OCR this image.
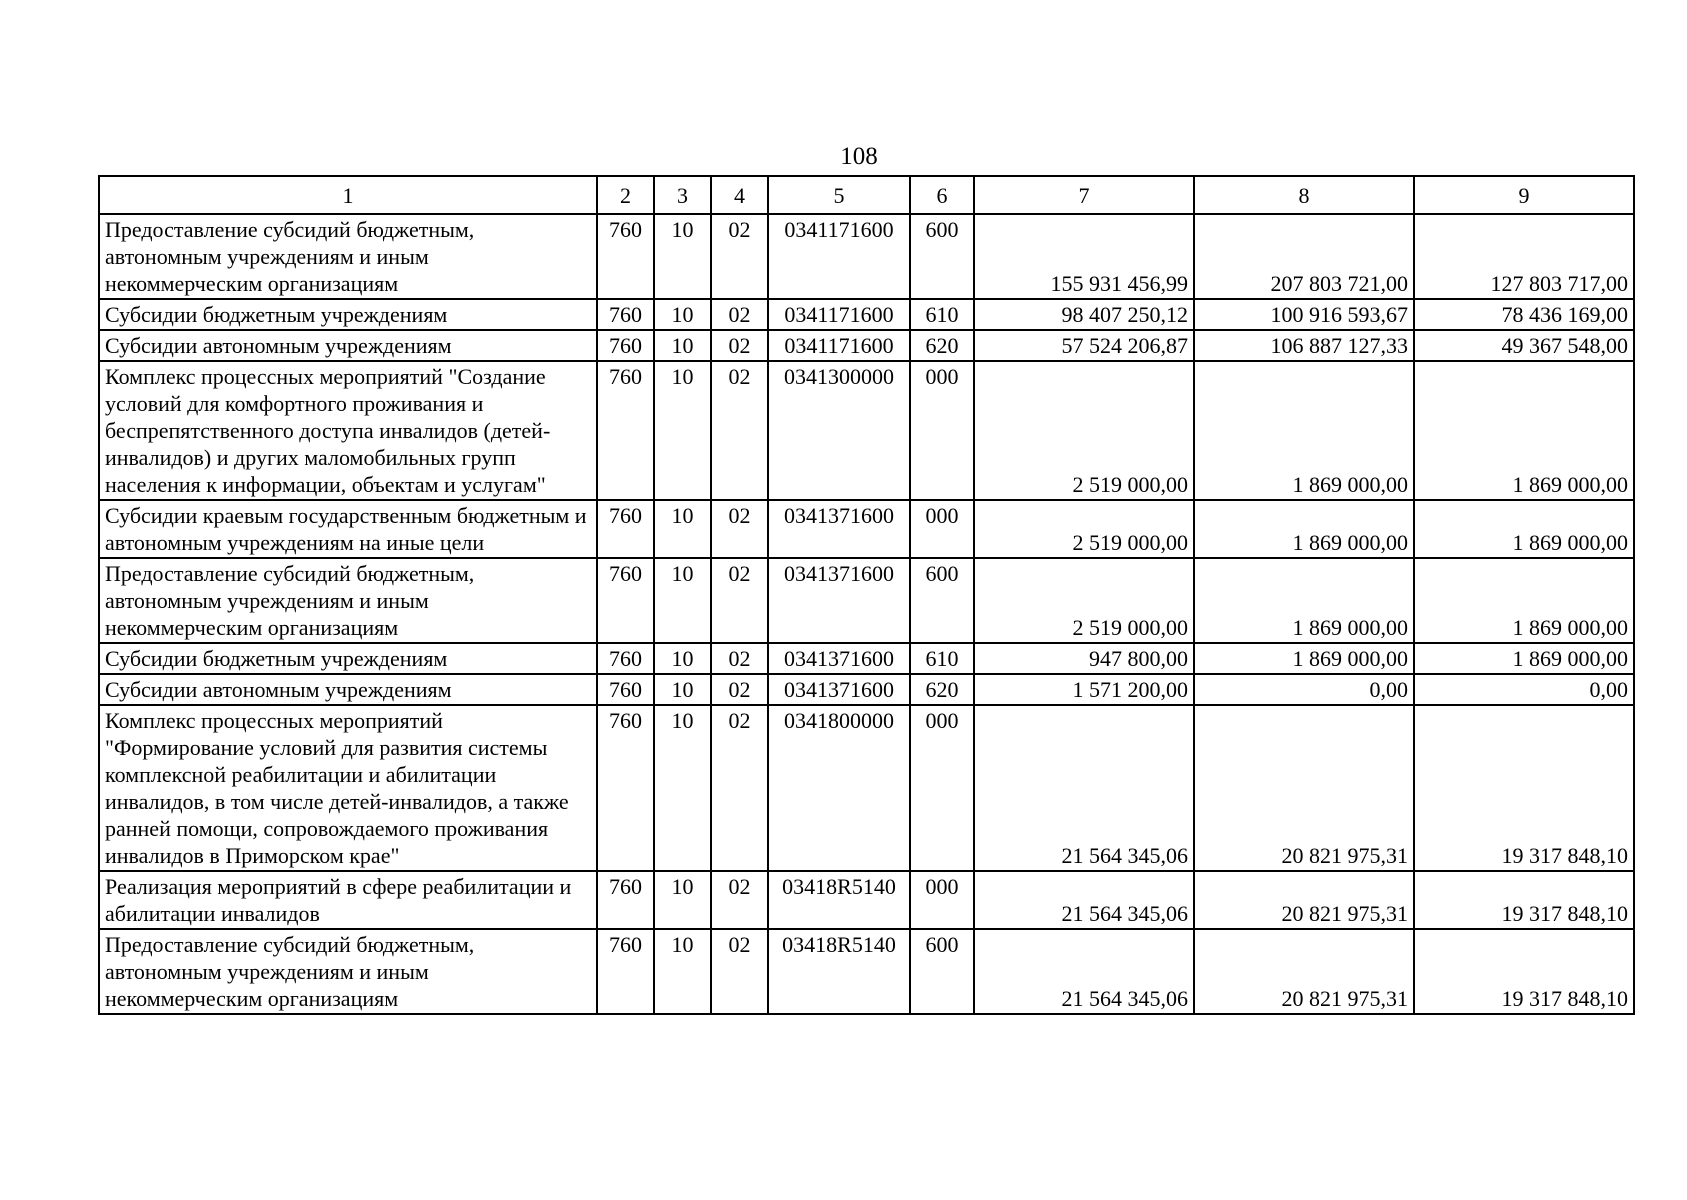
108
1	2	3	4	5	6	7	8	9
Предоставление субсидий бюджетным, автономным учреждениям и иным некоммерческим организациям	760	10	02	0341171600	600	155 931 456,99	207 803 721,00	127 803 717,00
Субсидии бюджетным учреждениям	760	10	02	0341171600	610	98 407 250,12	100 916 593,67	78 436 169,00
Субсидии автономным учреждениям	760	10	02	0341171600	620	57 524 206,87	106 887 127,33	49 367 548,00
Комплекс процессных мероприятий "Создание условий для комфортного проживания и беспрепятственного доступа инвалидов (детей-инвалидов) и других маломобильных групп населения к информации, объектам и услугам"	760	10	02	0341300000	000	2 519 000,00	1 869 000,00	1 869 000,00
Субсидии краевым государственным бюджетным и автономным учреждениям на иные цели	760	10	02	0341371600	000	2 519 000,00	1 869 000,00	1 869 000,00
Предоставление субсидий бюджетным, автономным учреждениям и иным некоммерческим организациям	760	10	02	0341371600	600	2 519 000,00	1 869 000,00	1 869 000,00
Субсидии бюджетным учреждениям	760	10	02	0341371600	610	947 800,00	1 869 000,00	1 869 000,00
Субсидии автономным учреждениям	760	10	02	0341371600	620	1 571 200,00	0,00	0,00
Комплекс процессных мероприятий "Формирование условий для развития системы комплексной реабилитации и абилитации инвалидов, в том числе детей-инвалидов, а также ранней помощи, сопровождаемого проживания инвалидов в Приморском крае"	760	10	02	0341800000	000	21 564 345,06	20 821 975,31	19 317 848,10
Реализация мероприятий в сфере реабилитации и абилитации инвалидов	760	10	02	03418R5140	000	21 564 345,06	20 821 975,31	19 317 848,10
Предоставление субсидий бюджетным, автономным учреждениям и иным некоммерческим организациям	760	10	02	03418R5140	600	21 564 345,06	20 821 975,31	19 317 848,10
